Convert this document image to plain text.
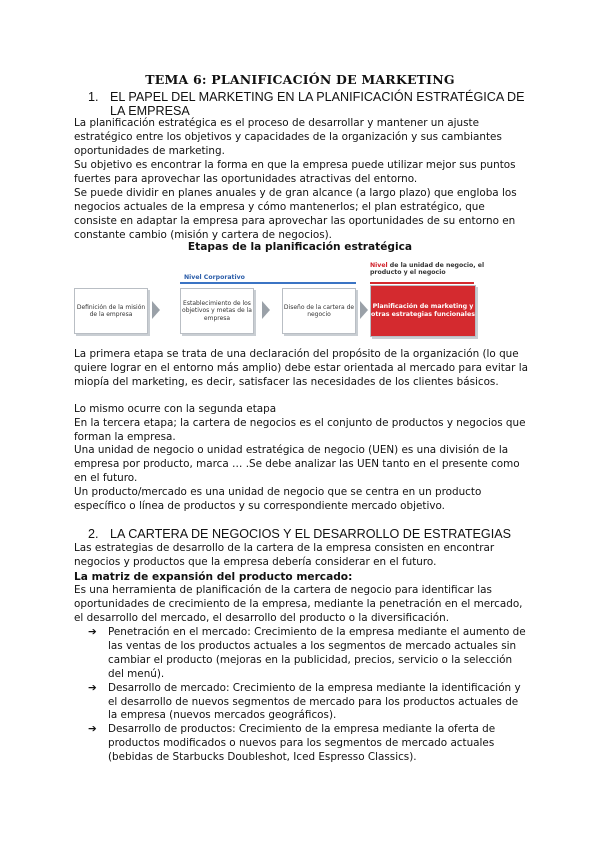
TEMA 6: PLANIFICACIÓN DE MARKETING
1. EL PAPEL DEL MARKETING EN LA PLANIFICACIÓN ESTRATÉGICA DE LA EMPRESA

La planificación estratégica es el proceso de desarrollar y mantener un ajuste estratégico entre los objetivos y capacidades de la organización y sus cambiantes oportunidades de marketing.

Su objetivo es encontrar la forma en que la empresa puede utilizar mejor sus puntos fuertes para aprovechar las oportunidades atractivas del entorno.

Se puede dividir en planes anuales y de gran alcance (a largo plazo) que engloba los negocios actuales de la empresa y cómo mantenerlos; el plan estratégico, que consiste en adaptar la empresa para aprovechar las oportunidades de su entorno en constante cambio (misión y cartera de negocios).

Etapas de la planificación estratégica

Nivel Corporativo
Nivel de la unidad de negocio, el producto y el negocio
Definición de la misión de la empresa
Establecimiento de los objetivos y metas de la empresa
Diseño de la cartera de negocio
Planificación de marketing y otras estrategias funcionales

La primera etapa se trata de una declaración del propósito de la organización (lo que quiere lograr en el entorno más amplio) debe estar orientada al mercado para evitar la miopía del marketing, es decir, satisfacer las necesidades de los clientes básicos.

Lo mismo ocurre con la segunda etapa

En la tercera etapa; la cartera de negocios es el conjunto de productos y negocios que forman la empresa.

Una unidad de negocio o unidad estratégica de negocio (UEN) es una división de la empresa por producto, marca … .Se debe analizar las UEN tanto en el presente como en el futuro.

Un producto/mercado es una unidad de negocio que se centra en un producto específico o línea de productos y su correspondiente mercado objetivo.

2. LA CARTERA DE NEGOCIOS Y EL DESARROLLO DE ESTRATEGIAS

Las estrategias de desarrollo de la cartera de la empresa consisten en encontrar negocios y productos que la empresa debería considerar en el futuro.

La matriz de expansión del producto mercado:

Es una herramienta de planificación de la cartera de negocio para identificar las oportunidades de crecimiento de la empresa, mediante la penetración en el mercado, el desarrollo del mercado, el desarrollo del producto o la diversificación.

➔ Penetración en el mercado: Crecimiento de la empresa mediante el aumento de las ventas de los productos actuales a los segmentos de mercado actuales sin cambiar el producto (mejoras en la publicidad, precios, servicio o la selección del menú).
➔ Desarrollo de mercado: Crecimiento de la empresa mediante la identificación y el desarrollo de nuevos segmentos de mercado para los productos actuales de la empresa (nuevos mercados geográficos).
➔ Desarrollo de productos: Crecimiento de la empresa mediante la oferta de productos modificados o nuevos para los segmentos de mercado actuales (bebidas de Starbucks Doubleshot, Iced Espresso Classics).
